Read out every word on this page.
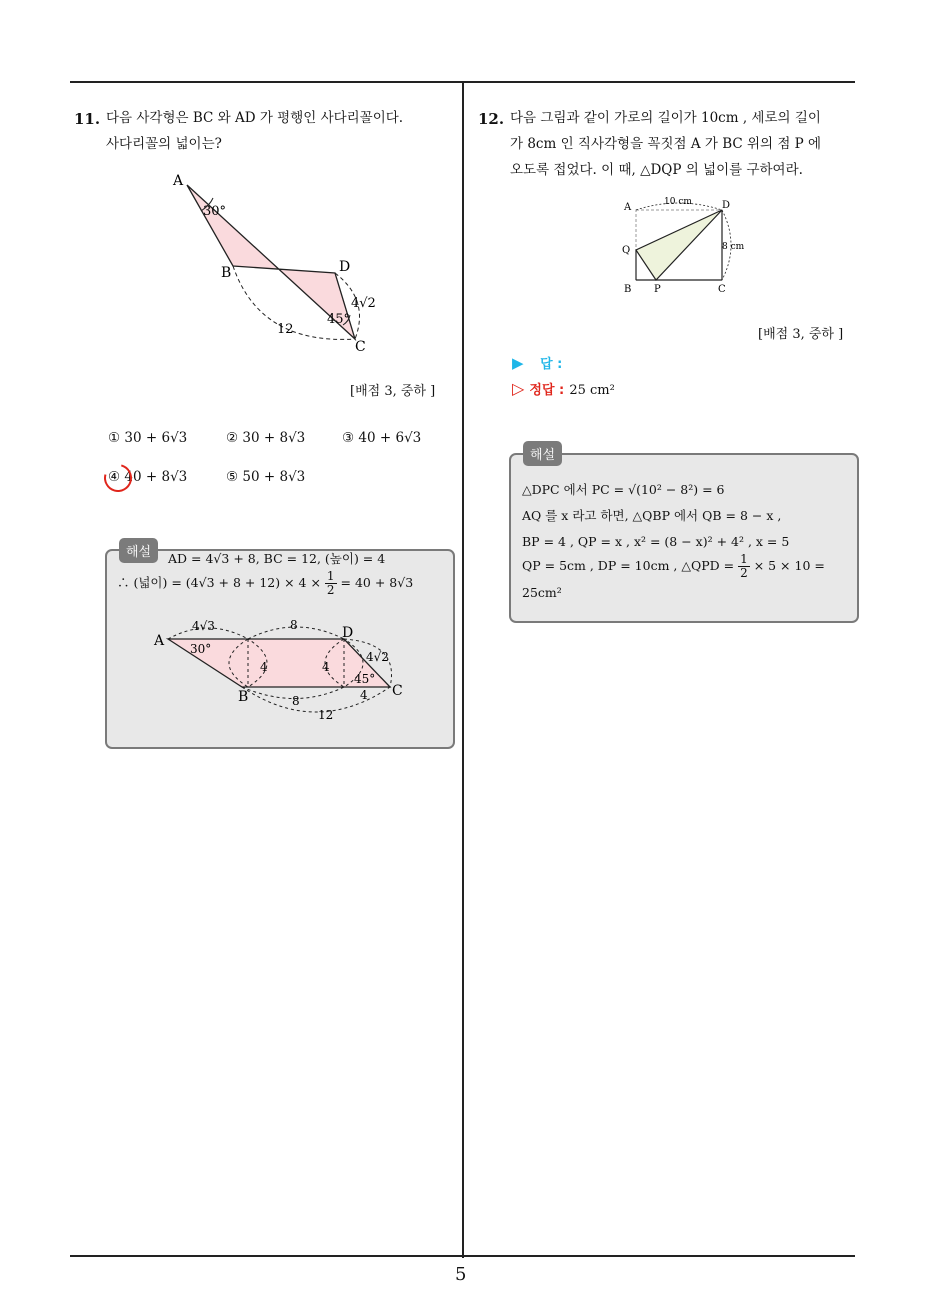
5
11. 다음 사각형은 BC 와 AD 가 평행인 사다리꼴이다.
사다리꼴의 넓이는?
A
B
C
D
30°
45°
4√2
12
[배점 3, 중하 ]
① 30 + 6√3	② 30 + 8√3	③ 40 + 6√3
④ 40 + 8√3	⑤ 50 + 8√3
해설	AD = 4√3 + 8, BC = 12, (높이) = 4
∴ (넓이) = $(4√3 + 8 + 12) \times 4 \times \frac{1}{2} = 40 + 8√3$
A
B	C
D
4√3	8
30°
4	4
4√2
45°
4
8
12
12. 다음 그림과 같이 가로의 길이가 10cm , 세로의 길이
가 8cm 인 직사각형을 꼭짓점 A 가 BC 위의 점 P 에
오도록 접었다. 이 때, △DQP 의 넓이를 구하여라.
A
B	C
D
P
Q
10 cm
8 cm
[배점 3, 중하 ]
▶ 답 :
▷ 정답 : 25 cm²
해설
△DPC 에서 PC = √(10² − 8²) = 6
AQ 를 x 라고 하면, △QBP 에서 QB = 8 − x ,
BP = 4 , QP = x , x² = (8 − x)² + 4² , x = 5
QP = 5cm , DP = 10cm , △QPD = $\frac{1}{2} \times 5 \times 10$ =
25cm²
